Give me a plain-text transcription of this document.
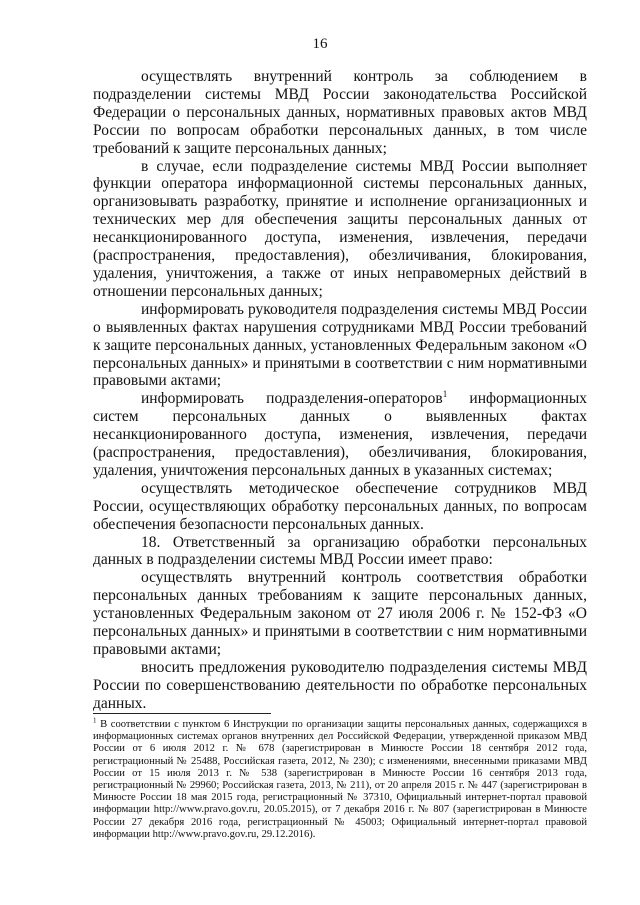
16

осуществлять внутренний контроль за соблюдением в подразделении системы МВД России законодательства Российской Федерации о персональных данных, нормативных правовых актов МВД России по вопросам обработки персональных данных, в том числе требований к защите персональных данных;

в случае, если подразделение системы МВД России выполняет функции оператора информационной системы персональных данных, организовывать разработку, принятие и исполнение организационных и технических мер для обеспечения защиты персональных данных от несанкционированного доступа, изменения, извлечения, передачи (распространения, предоставления), обезличивания, блокирования, удаления, уничтожения, а также от иных неправомерных действий в отношении персональных данных;

информировать руководителя подразделения системы МВД России о выявленных фактах нарушения сотрудниками МВД России требований к защите персональных данных, установленных Федеральным законом «О персональных данных» и принятыми в соответствии с ним нормативными правовыми актами;

информировать подразделения-операторов$^1$ информационных систем персональных данных о выявленных фактах несанкционированного доступа, изменения, извлечения, передачи (распространения, предоставления), обезличивания, блокирования, удаления, уничтожения персональных данных в указанных системах;

осуществлять методическое обеспечение сотрудников МВД России, осуществляющих обработку персональных данных, по вопросам обеспечения безопасности персональных данных.

18. Ответственный за организацию обработки персональных данных в подразделении системы МВД России имеет право:

осуществлять внутренний контроль соответствия обработки персональных данных требованиям к защите персональных данных, установленных Федеральным законом от 27 июля 2006 г. № 152-ФЗ «О персональных данных» и принятыми в соответствии с ним нормативными правовыми актами;

вносить предложения руководителю подразделения системы МВД России по совершенствованию деятельности по обработке персональных данных.

$^1$ В соответствии с пунктом 6 Инструкции по организации защиты персональных данных, содержащихся в информационных системах органов внутренних дел Российской Федерации, утвержденной приказом МВД России от 6 июля 2012 г. № 678 (зарегистрирован в Минюсте России 18 сентября 2012 года, регистрационный № 25488, Российская газета, 2012, № 230); с изменениями, внесенными приказами МВД России от 15 июля 2013 г. № 538 (зарегистрирован в Минюсте России 16 сентября 2013 года, регистрационный № 29960; Российская газета, 2013, № 211), от 20 апреля 2015 г. № 447 (зарегистрирован в Минюсте России 18 мая 2015 года, регистрационный № 37310, Официальный интернет-портал правовой информации http://www.pravo.gov.ru, 20.05.2015), от 7 декабря 2016 г. № 807 (зарегистрирован в Минюсте России 27 декабря 2016 года, регистрационный № 45003; Официальный интернет-портал правовой информации http://www.pravo.gov.ru, 29.12.2016).
